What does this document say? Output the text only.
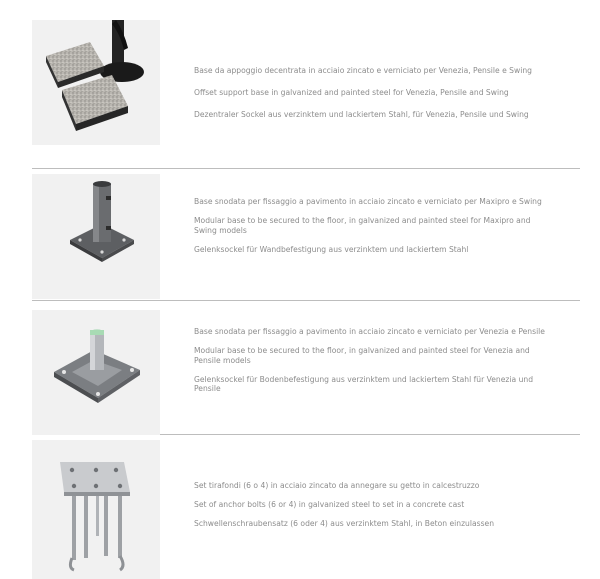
Base da appoggio decentrata in acciaio zincato e verniciato per Venezia, Pensile e Swing

Offset support base in galvanized and painted steel for Venezia, Pensile and Swing

Dezentraler Sockel aus verzinktem und lackiertem Stahl, für Venezia, Pensile und Swing

Base snodata per fissaggio a pavimento in acciaio zincato e verniciato per Maxipro e Swing

Modular base to be secured to the floor, in galvanized and painted steel for Maxipro and Swing models

Gelenksockel für Wandbefestigung aus verzinktem und lackiertem Stahl

Base snodata per fissaggio a pavimento in acciaio zincato e verniciato per Venezia e Pensile

Modular base to be secured to the floor, in galvanized and painted steel for Venezia and Pensile models

Gelenksockel für Bodenbefestigung aus verzinktem und lackiertem Stahl für Venezia und Pensile

Set tirafondi (6 o 4) in acciaio zincato da annegare su getto in calcestruzzo

Set of anchor bolts (6 or 4) in galvanized steel to set in a concrete cast

Schwellenschraubensatz (6 oder 4) aus verzinktem Stahl, in Beton einzulassen
